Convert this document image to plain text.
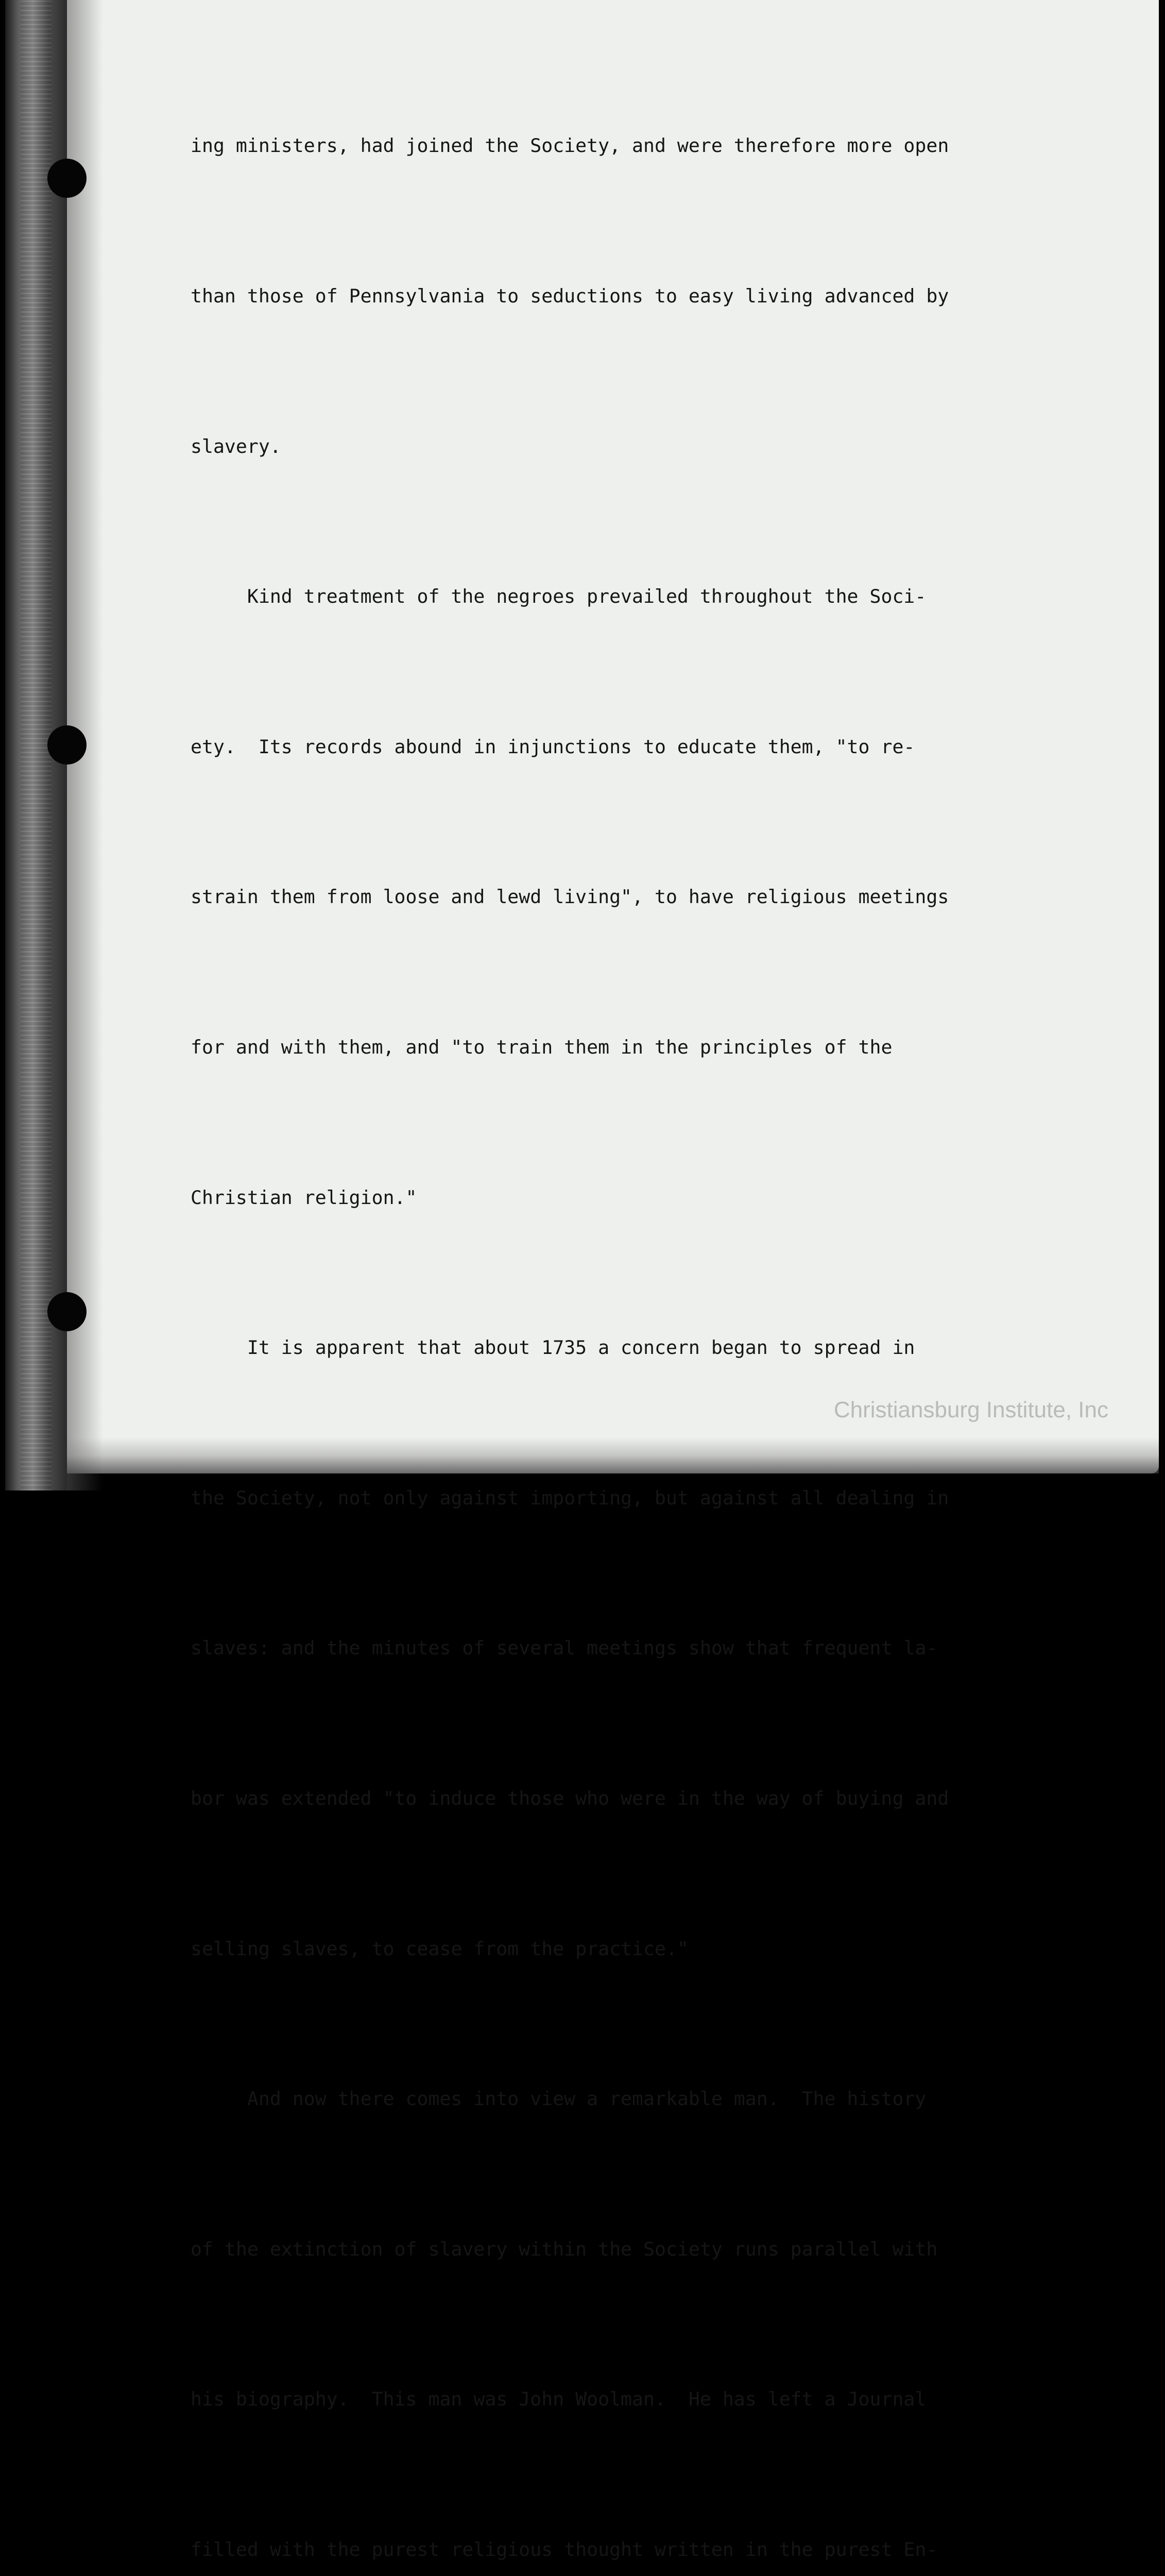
ing ministers, had joined the Society, and were therefore more open

than those of Pennsylvania to seductions to easy living advanced by

slavery.

Kind treatment of the negroes prevailed throughout the Soci-

ety.  Its records abound in injunctions to educate them, "to re-

strain them from loose and lewd living", to have religious meetings

for and with them, and "to train them in the principles of the

Christian religion."

It is apparent that about 1735 a concern began to spread in

the Society, not only against importing, but against all dealing in

slaves: and the minutes of several meetings show that frequent la-

bor was extended "to induce those who were in the way of buying and

selling slaves, to cease from the practice."

And now there comes into view a remarkable man.  The history

of the extinction of slavery within the Society runs parallel with

his biography.  This man was John Woolman.  He has left a Journal

filled with the purest religious thought written in the purest En-

Christiansburg Institute, Inc
